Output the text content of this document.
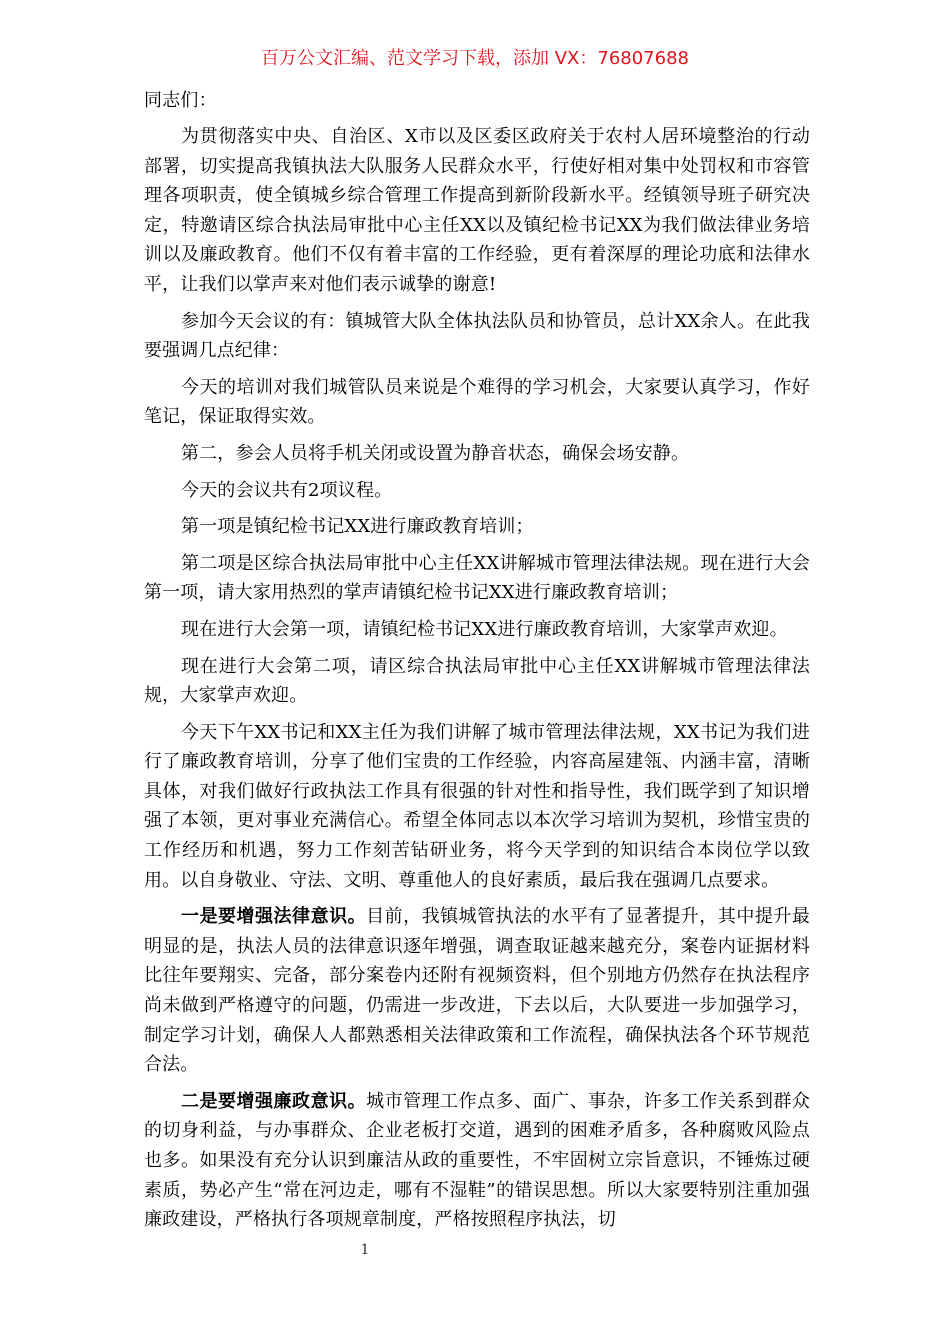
百万公文汇编、范文学习下载，添加 VX：76807688
同志们：

为贯彻落实中央、自治区、X市以及区委区政府关于农村人居环境整治的行动部署，切实提高我镇执法大队服务人民群众水平，行使好相对集中处罚权和市容管理各项职责，使全镇城乡综合管理工作提高到新阶段新水平。经镇领导班子研究决定，特邀请区综合执法局审批中心主任XX以及镇纪检书记XX为我们做法律业务培训以及廉政教育。他们不仅有着丰富的工作经验，更有着深厚的理论功底和法律水平，让我们以掌声来对他们表示诚挚的谢意!

参加今天会议的有：镇城管大队全体执法队员和协管员，总计XX余人。在此我要强调几点纪律：

今天的培训对我们城管队员来说是个难得的学习机会，大家要认真学习，作好笔记，保证取得实效。

第二，参会人员将手机关闭或设置为静音状态，确保会场安静。

今天的会议共有2项议程。

第一项是镇纪检书记XX进行廉政教育培训；

第二项是区综合执法局审批中心主任XX讲解城市管理法律法规。现在进行大会第一项，请大家用热烈的掌声请镇纪检书记XX进行廉政教育培训；

现在进行大会第一项，请镇纪检书记XX进行廉政教育培训，大家掌声欢迎。

现在进行大会第二项，请区综合执法局审批中心主任XX讲解城市管理法律法规，大家掌声欢迎。

今天下午XX书记和XX主任为我们讲解了城市管理法律法规，XX书记为我们进行了廉政教育培训，分享了他们宝贵的工作经验，内容高屋建瓴、内涵丰富，清晰具体，对我们做好行政执法工作具有很强的针对性和指导性，我们既学到了知识增强了本领，更对事业充满信心。希望全体同志以本次学习培训为契机，珍惜宝贵的工作经历和机遇，努力工作刻苦钻研业务，将今天学到的知识结合本岗位学以致用。以自身敬业、守法、文明、尊重他人的良好素质，最后我在强调几点要求。

一是要增强法律意识。目前，我镇城管执法的水平有了显著提升，其中提升最明显的是，执法人员的法律意识逐年增强，调查取证越来越充分，案卷内证据材料比往年要翔实、完备，部分案卷内还附有视频资料，但个别地方仍然存在执法程序尚未做到严格遵守的问题，仍需进一步改进，下去以后，大队要进一步加强学习，制定学习计划，确保人人都熟悉相关法律政策和工作流程，确保执法各个环节规范合法。

二是要增强廉政意识。城市管理工作点多、面广、事杂，许多工作关系到群众的切身利益，与办事群众、企业老板打交道，遇到的困难矛盾多，各种腐败风险点也多。如果没有充分认识到廉洁从政的重要性，不牢固树立宗旨意识，不锤炼过硬素质，势必产生“常在河边走，哪有不湿鞋”的错误思想。所以大家要特别注重加强廉政建设，严格执行各项规章制度，严格按照程序执法，切

1
